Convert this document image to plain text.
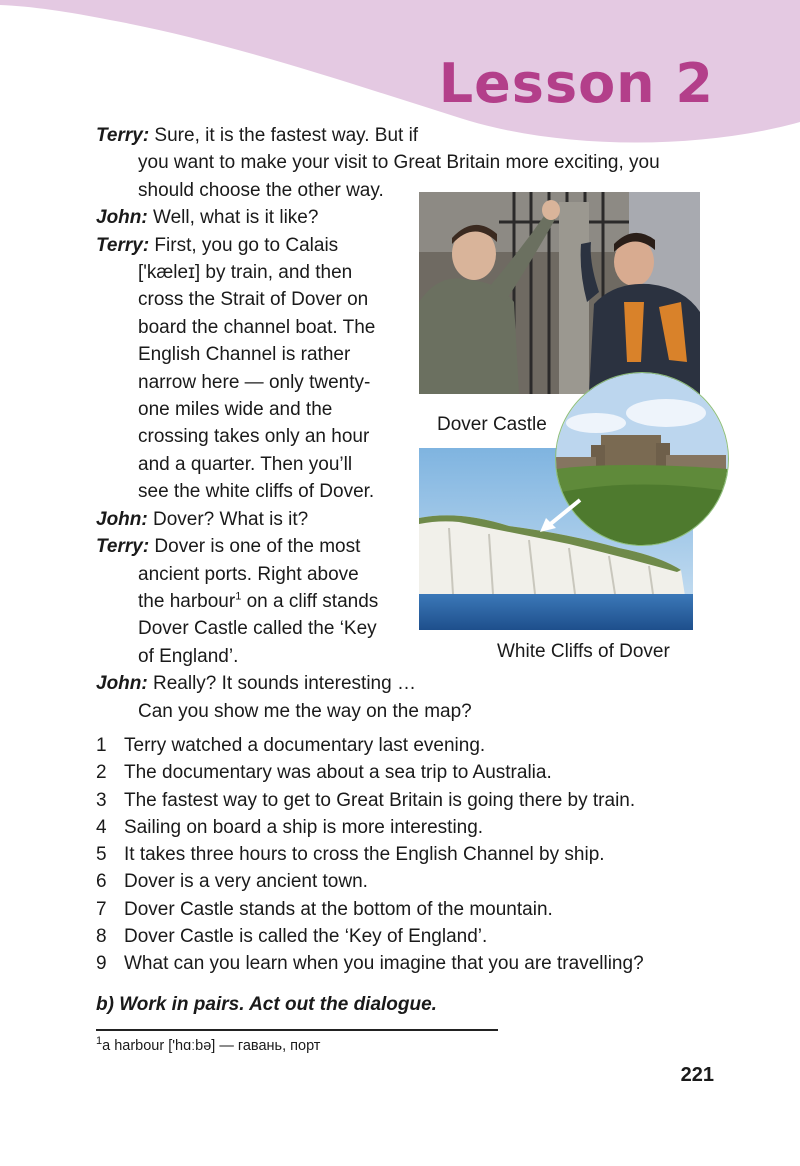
Lesson 2

Terry: Sure, it is the fastest way. But if

you want to make your visit to Great Britain more exciting, you

should choose the other way.

John: Well, what is it like?

Terry: First, you go to Calais

['kæleɪ] by train, and then

cross the Strait of Dover on

board the channel boat. The

English Channel is rather

narrow here — only twenty-

one miles wide and the

crossing takes only an hour

and a quarter. Then you’ll

see the white cliffs of Dover.

John: Dover? What is it?

Terry: Dover is one of the most

ancient ports. Right above

the harbour$^1$ on a cliff stands

Dover Castle called the ‘Key

of England’.

John: Really? It sounds interesting …

Can you show me the way on the map?

Dover Castle
White Cliffs of Dover
1 Terry watched a documentary last evening.
2 The documentary was about a sea trip to Australia.
3 The fastest way to get to Great Britain is going there by train.
4 Sailing on board a ship is more interesting.
5 It takes three hours to cross the English Channel by ship.
6 Dover is a very ancient town.
7 Dover Castle stands at the bottom of the mountain.
8 Dover Castle is called the ‘Key of England’.
9 What can you learn when you imagine that you are travelling?
b) Work in pairs. Act out the dialogue.
$^1$a harbour ['hɑːbə] — гавань, порт
221
